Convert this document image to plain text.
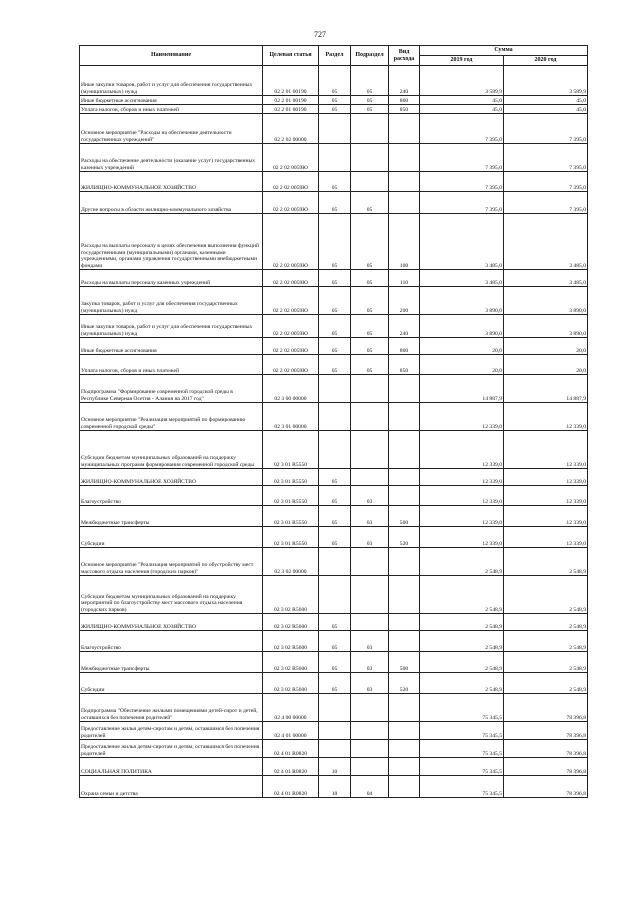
727
Наименование	Целевая статья	Раздел	Подраздел	Вид расхода	Сумма	
					2019 год	2020 год
Иные закупки товаров, работ и услуг для обеспечения государственных (муниципальных) нужд	02 2 01 00190	05	05	240	3 589,9	3 589,9
Иные бюджетные ассигнования	02 2 01 00190	05	05	800	45,0	45,0
Уплата налогов, сборов и иных платежей	02 2 01 00190	05	05	850	45,0	45,0
Основное мероприятие "Расходы на обеспечение деятельности государственных учреждений"	02 2 02 00000				7 395,0	7 395,0
Расходы на обеспечение деятельности (оказание услуг) государственных казенных учреждений	02 2 02 0059Ю				7 395,0	7 395,0
ЖИЛИЩНО-КОММУНАЛЬНОЕ ХОЗЯЙСТВО	02 2 02 0059Ю	05			7 395,0	7 395,0
Другие вопросы в области жилищно-коммунального хозяйства	02 2 02 0059Ю	05	05		7 395,0	7 395,0
Расходы на выплаты персоналу в целях обеспечения выполнения функций государственными (муниципальными) органами, казенными учреждениями, органами управления государственными внебюджетными фондами	02 2 02 0059Ю	05	05	100	3 485,0	3 485,0
Расходы на выплаты персоналу казенных учреждений	02 2 02 0059Ю	05	05	110	3 485,0	3 485,0
Закупка товаров, работ и услуг для обеспечения государственных (муниципальных) нужд	02 2 02 0059Ю	05	05	200	3 890,0	3 890,0
Иные закупки товаров, работ и услуг для обеспечения государственных (муниципальных) нужд	02 2 02 0059Ю	05	05	240	3 890,0	3 890,0
Иные бюджетные ассигнования	02 2 02 0059Ю	05	05	800	20,0	20,0
Уплата налогов, сборов и иных платежей	02 2 02 0059Ю	05	05	850	20,0	20,0
Подпрограмма "Формирование современной городской среды в Республике Северная Осетия - Алания на 2017 год"	02 3 00 00000				14 887,9	14 887,9
Основное мероприятие "Реализация мероприятий по формированию современной городской среды"	02 3 01 00000				12 339,0	12 339,0
Субсидии бюджетам муниципальных образований на поддержку муниципальных программ формирования современной городской среды	02 3 01 R5550				12 339,0	12 339,0
ЖИЛИЩНО-КОММУНАЛЬНОЕ ХОЗЯЙСТВО	02 3 01 R5550	05			12 339,0	12 339,0
Благоустройство	02 3 01 R5550	05	03		12 339,0	12 339,0
Межбюджетные трансферты	02 3 01 R5550	05	03	500	12 339,0	12 339,0
Субсидии	02 3 01 R5550	05	03	520	12 339,0	12 339,0
Основное мероприятие "Реализация мероприятий по обустройству мест массового отдыха населения (городских парков)"	02 3 02 00000				2 548,9	2 548,9
Субсидии бюджетам муниципальных образований на поддержку мероприятий по благоустройству мест массового отдыха населения (городских парков)	02 3 02 R5600				2 548,9	2 548,9
ЖИЛИЩНО-КОММУНАЛЬНОЕ ХОЗЯЙСТВО	02 3 02 R5600	05			2 548,9	2 548,9
Благоустройство	02 3 02 R5600	05	03		2 548,9	2 548,9
Межбюджетные трансферты	02 3 02 R5600	05	03	500	2 548,9	2 548,9
Субсидии	02 3 02 R5600	05	03	520	2 548,9	2 548,9
Подпрограмма "Обеспечение жилыми помещениями детей-сирот и детей, оставшихся без попечения родителей"	02 4 00 00000				75 345,5	78 396,8
Предоставление жилья детям-сиротам и детям, оставшимся без попечения родителей	02 4 01 00000				75 345,5	78 396,8
Предоставление жилья детям-сиротам и детям, оставшимся без попечения родителей	02 4 01 R0820				75 345,5	78 396,8
СОЦИАЛЬНАЯ ПОЛИТИКА	02 4 01 R0820	10			75 345,5	78 396,8
Охрана семьи и детства	02 4 01 R0820	10	04		75 345,5	78 396,8
